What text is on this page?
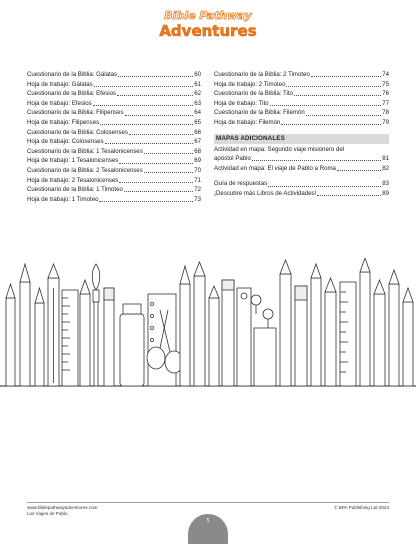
Bible Pathway
Adventures
Cuestionario de la Biblia: Gálatas	60
Hoja de trabajo: Gálatas	61
Cuestionario de la Biblia: Efesios	62
Hoja de trabajo: Efesios	63
Cuestionario de la Biblia: Filipenses	64
Hoja de trabajo: Filipenses	65
Cuestionario de la Biblia: Colosenses	66
Hoja de trabajo: Colosenses	67
Cuestionario de la Biblia: 1 Tesalonicenses	68
Hoja de trabajo: 1 Tesalonicenses	69
Cuestionario de la Biblia: 2 Tesalonicenses	70
Hoja de trabajo: 2 Tesalonicenses	71
Cuestionario de la Biblia: 1 Timoteo	72
Hoja de trabajo: 1 Timoteo	73
Cuestionario de la Biblia: 2 Timoteo	74
Hoja de trabajo: 2 Timoteo	75
Cuestionario de la Biblia: Tito	76
Hoja de trabajo: Tito	77
Cuestionario de la Biblia: Filemón	78
Hoja de trabajo: Filemón	79
MAPAS ADICIONALES
Actividad en mapa: Segundo viaje misionero del
apóstol Pablo	81
Actividad en mapa: El viaje de Pablo a Roma	82
Guía de respuestas	83
¡Descubre más Libros de Actividades!	89
www.biblepathwayadventures.com
Los Viajes de Pablo
© BPA Publishing Ltd 2024
5
